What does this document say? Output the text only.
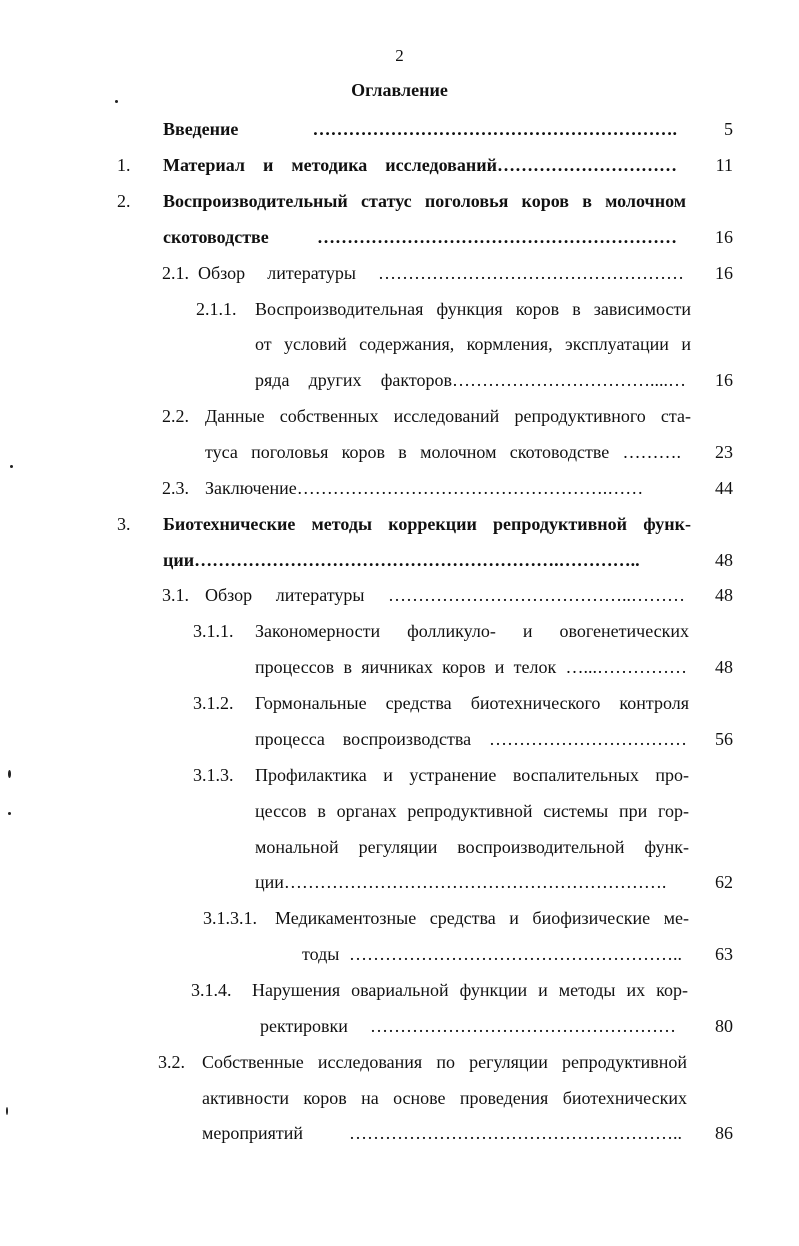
2
Оглавление
Введение …………………………………………………….	5
1. Материал и методика исследований…………………………	11
2. Воспроизводительный статус поголовья коров в молочном
скотоводстве ……………………………………………………	16
2.1. Обзор литературы ……………………………………………	16
2.1.1. Воспроизводительная функция коров в зависимости
от условий содержания, кормления, эксплуатации и
ряда других факторов……………………………....…	16
2.2. Данные собственных исследований репродуктивного ста-
туса поголовья коров в молочном скотоводстве ……….	23
2.3. Заключение…………………………………………….……	44
3. Биотехнические методы коррекции репродуктивной функ-
ции…………………………………………………….…………..	48
3.1. Обзор литературы …………………………………..………	48
3.1.1. Закономерности фолликуло- и овогенетических
процессов в яичниках коров и телок …...……………	48
3.1.2. Гормональные средства биотехнического контроля
процесса воспроизводства ……………………………	56
3.1.3. Профилактика и устранение воспалительных про-
цессов в органах репродуктивной системы при гор-
мональной регуляции воспроизводительной функ-
ции……………………………………………………….	62
3.1.3.1. Медикаментозные средства и биофизические ме-
тоды ………………………………………………..	63
3.1.4. Нарушения овариальной функции и методы их кор-
ректировки ……………………………………………	80
3.2. Собственные исследования по регуляции репродуктивной
активности коров на основе проведения биотехнических
мероприятий ………………………………………………..	86
